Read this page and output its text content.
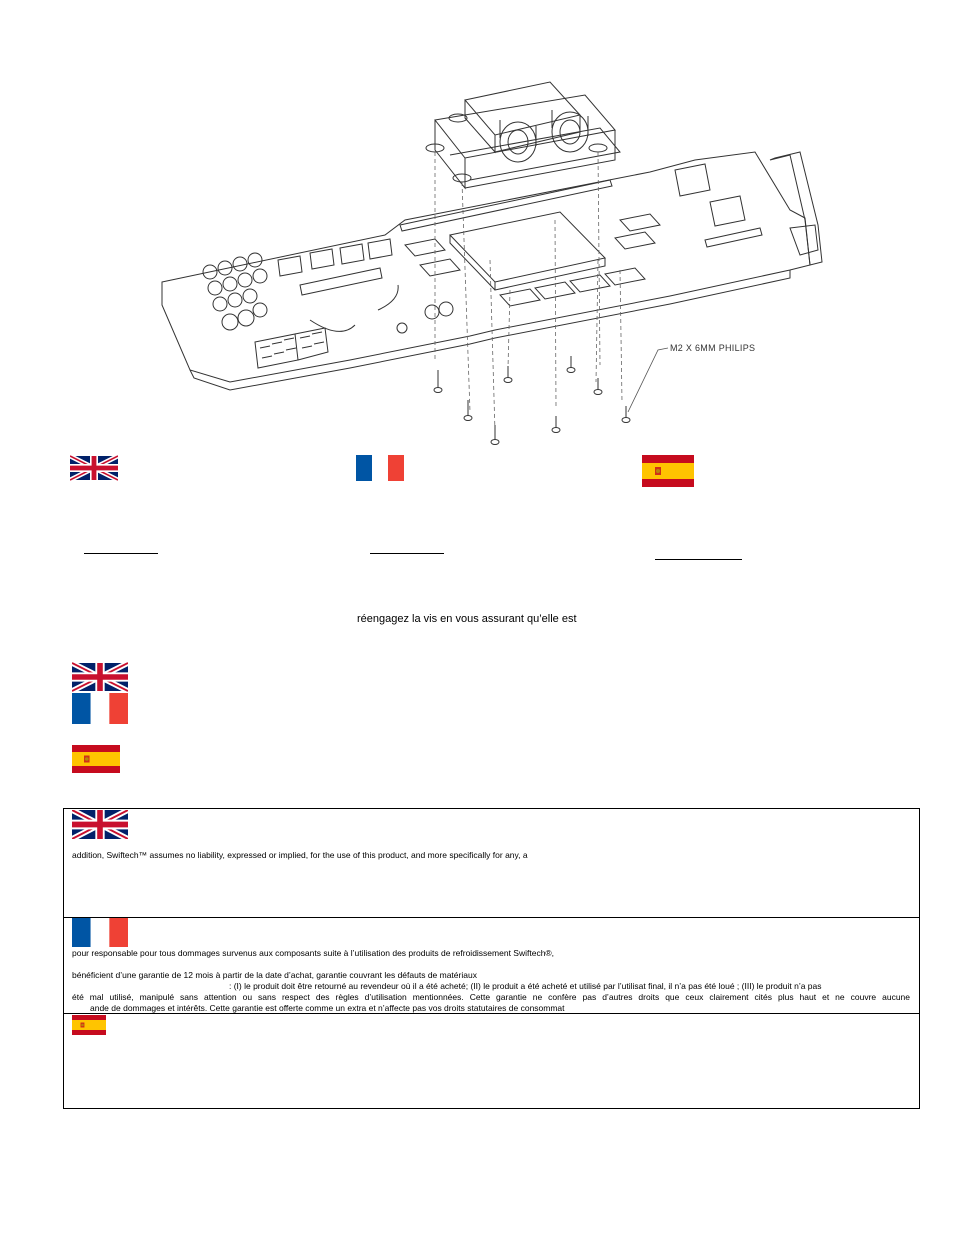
M2 X 6MM PHILIPS
réengagez la vis en vous assurant qu’elle est
addition, Swiftech™ assumes no liability, expressed or implied, for the use of this product, and more specifically for any, a
pour responsable pour tous dommages survenus aux composants suite à l’utilisation des produits de refroidissement Swiftech®,
bénéficient d’une garantie de 12 mois à partir de la date d’achat, garantie couvrant les défauts de matériaux
: (I) le produit doit être retourné au revendeur où il a été acheté; (II) le produit a été acheté et utilisé par l’utilisat final, il n’a pas été loué ; (III) le produit n’a pas
été mal utilisé, manipulé sans attention ou sans respect des règles d’utilisation mentionnées. Cette garantie ne confère pas d’autres droits que ceux clairement cités plus haut et ne couvre aucune
ande de dommages et intérêts. Cette garantie est offerte comme un extra et n’affecte pas vos droits statutaires de consommat
